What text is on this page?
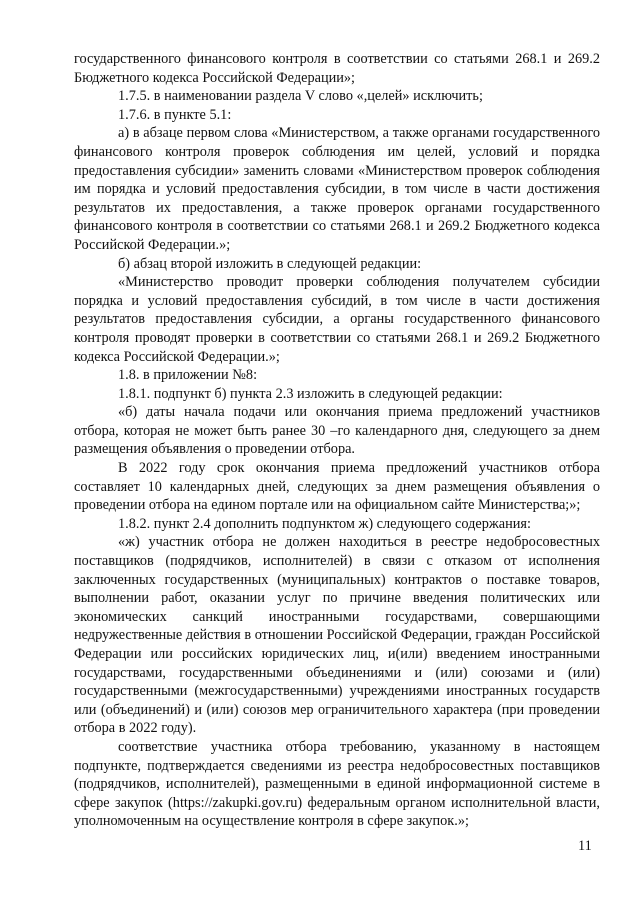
государственного финансового контроля в соответствии со статьями 268.1 и 269.2 Бюджетного кодекса Российской Федерации»;

1.7.5. в наименовании раздела V слово «,целей» исключить;

1.7.6. в пункте 5.1:

а) в абзаце первом слова «Министерством, а также органами государственного финансового контроля проверок соблюдения им целей, условий и порядка предоставления субсидии» заменить словами «Министерством проверок соблюдения им порядка и условий предоставления субсидии, в том числе в части достижения результатов их предоставления, а также проверок органами государственного финансового контроля в соответствии со статьями 268.1 и 269.2 Бюджетного кодекса Российской Федерации.»;

б) абзац второй изложить в следующей редакции:

«Министерство проводит проверки соблюдения получателем субсидии порядка и условий предоставления субсидий, в том числе в части достижения результатов предоставления субсидии, а органы государственного финансового контроля проводят проверки в соответствии со статьями 268.1 и 269.2 Бюджетного кодекса Российской Федерации.»;

1.8. в приложении №8:

1.8.1. подпункт б) пункта 2.3 изложить в следующей редакции:

«б) даты начала подачи или окончания приема предложений участников отбора, которая не может быть ранее 30 –го календарного дня, следующего за днем размещения объявления о проведении отбора.

В 2022 году срок окончания приема предложений участников отбора составляет 10 календарных дней, следующих за днем размещения объявления о проведении отбора на едином портале или на официальном сайте Министерства;»;

1.8.2. пункт 2.4 дополнить подпунктом ж) следующего содержания:

«ж) участник отбора не должен находиться в реестре недобросовестных поставщиков (подрядчиков, исполнителей) в связи с отказом от исполнения заключенных государственных (муниципальных) контрактов о поставке товаров, выполнении работ, оказании услуг по причине введения политических или экономических санкций иностранными государствами, совершающими недружественные действия в отношении Российской Федерации, граждан Российской Федерации или российских юридических лиц, и(или) введением иностранными государствами, государственными объединениями и (или) союзами и (или) государственными (межгосударственными) учреждениями иностранных государств или (объединений) и (или) союзов мер ограничительного характера (при проведении отбора в 2022 году).

соответствие участника отбора требованию, указанному в настоящем подпункте, подтверждается сведениями из реестра недобросовестных поставщиков (подрядчиков, исполнителей), размещенными в единой информационной системе в сфере закупок (https://zakupki.gov.ru) федеральным органом исполнительной власти, уполномоченным на осуществление контроля в сфере закупок.»;

11
